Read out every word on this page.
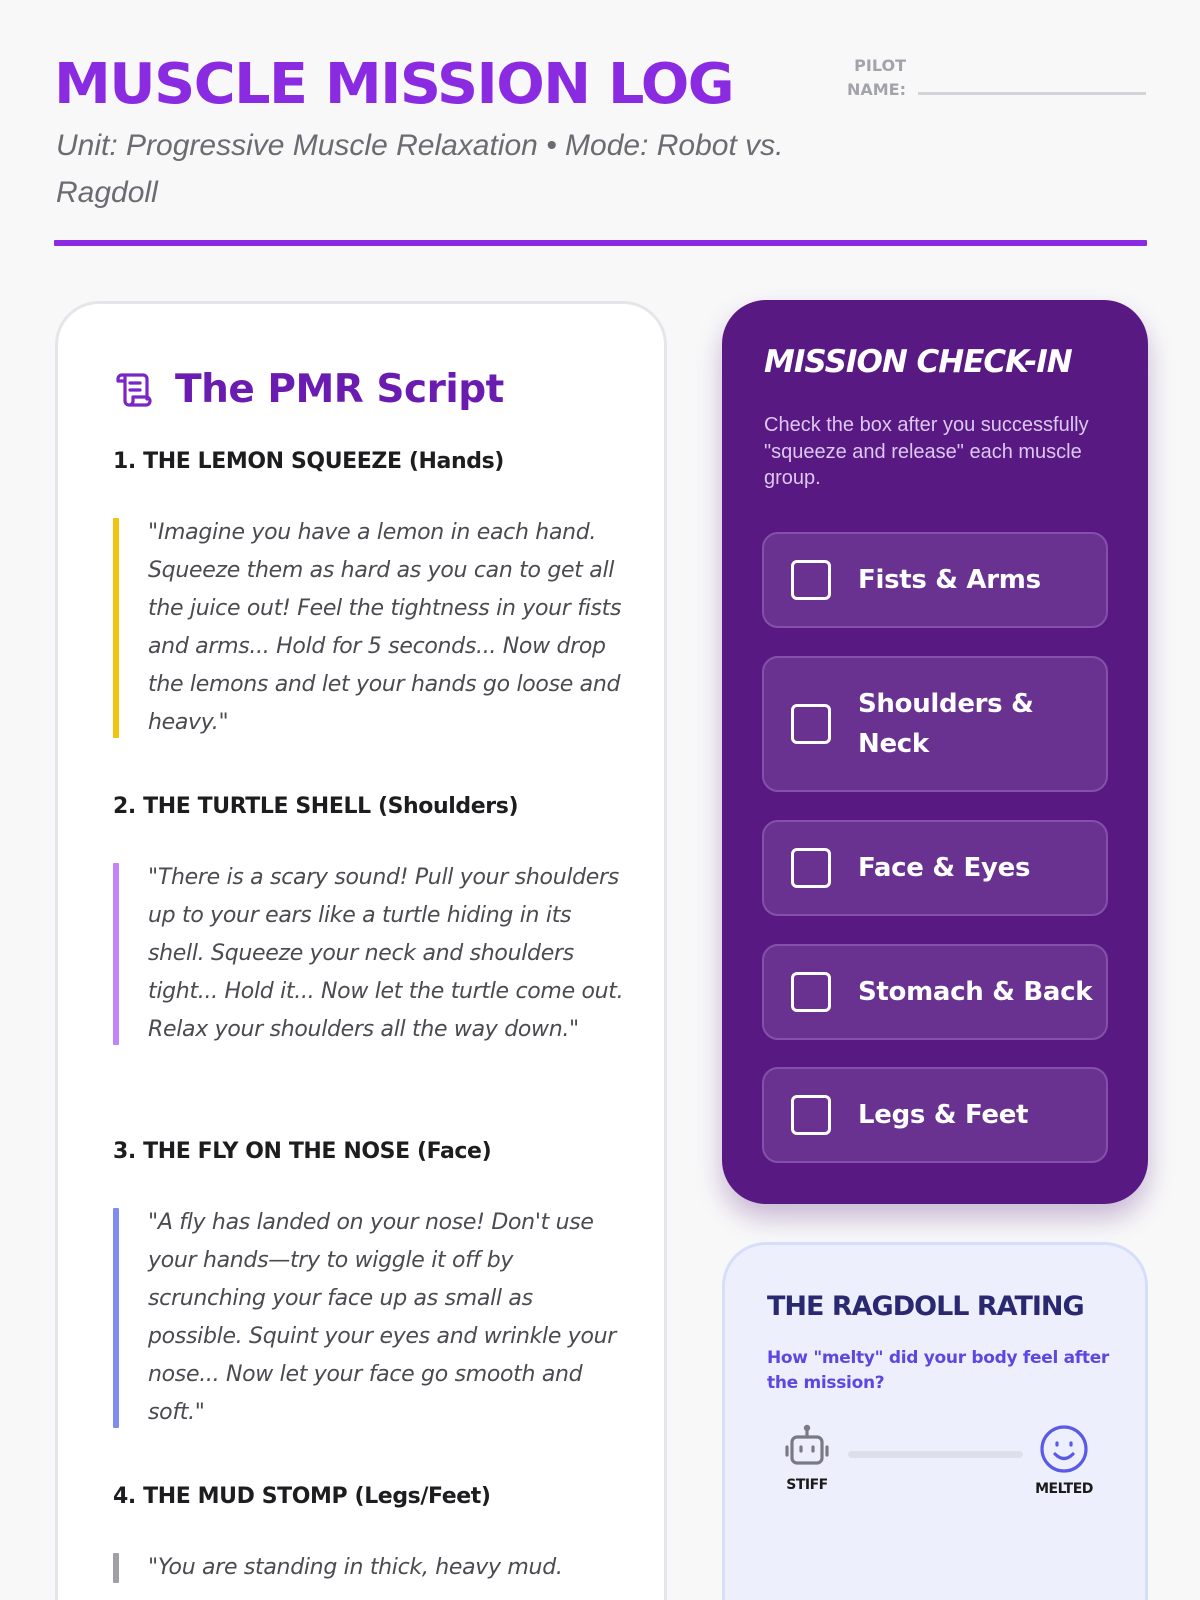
MUSCLE MISSION LOG
Unit: Progressive Muscle Relaxation • Mode: Robot vs. Ragdoll
PILOT NAME:
The PMR Script
1. THE LEMON SQUEEZE (Hands)
"Imagine you have a lemon in each hand. Squeeze them as hard as you can to get all the juice out! Feel the tightness in your fists and arms... Hold for 5 seconds... Now drop the lemons and let your hands go loose and heavy."
2. THE TURTLE SHELL (Shoulders)
"There is a scary sound! Pull your shoulders up to your ears like a turtle hiding in its shell. Squeeze your neck and shoulders tight... Hold it... Now let the turtle come out. Relax your shoulders all the way down."
3. THE FLY ON THE NOSE (Face)
"A fly has landed on your nose! Don't use your hands—try to wiggle it off by scrunching your face up as small as possible. Squint your eyes and wrinkle your nose... Now let your face go smooth and soft."
4. THE MUD STOMP (Legs/Feet)
"You are standing in thick, heavy mud.
MISSION CHECK-IN
Check the box after you successfully "squeeze and release" each muscle group.
Fists & Arms
Shoulders & Neck
Face & Eyes
Stomach & Back
Legs & Feet
THE RAGDOLL RATING
How "melty" did your body feel after the mission?
STIFF	MELTED
